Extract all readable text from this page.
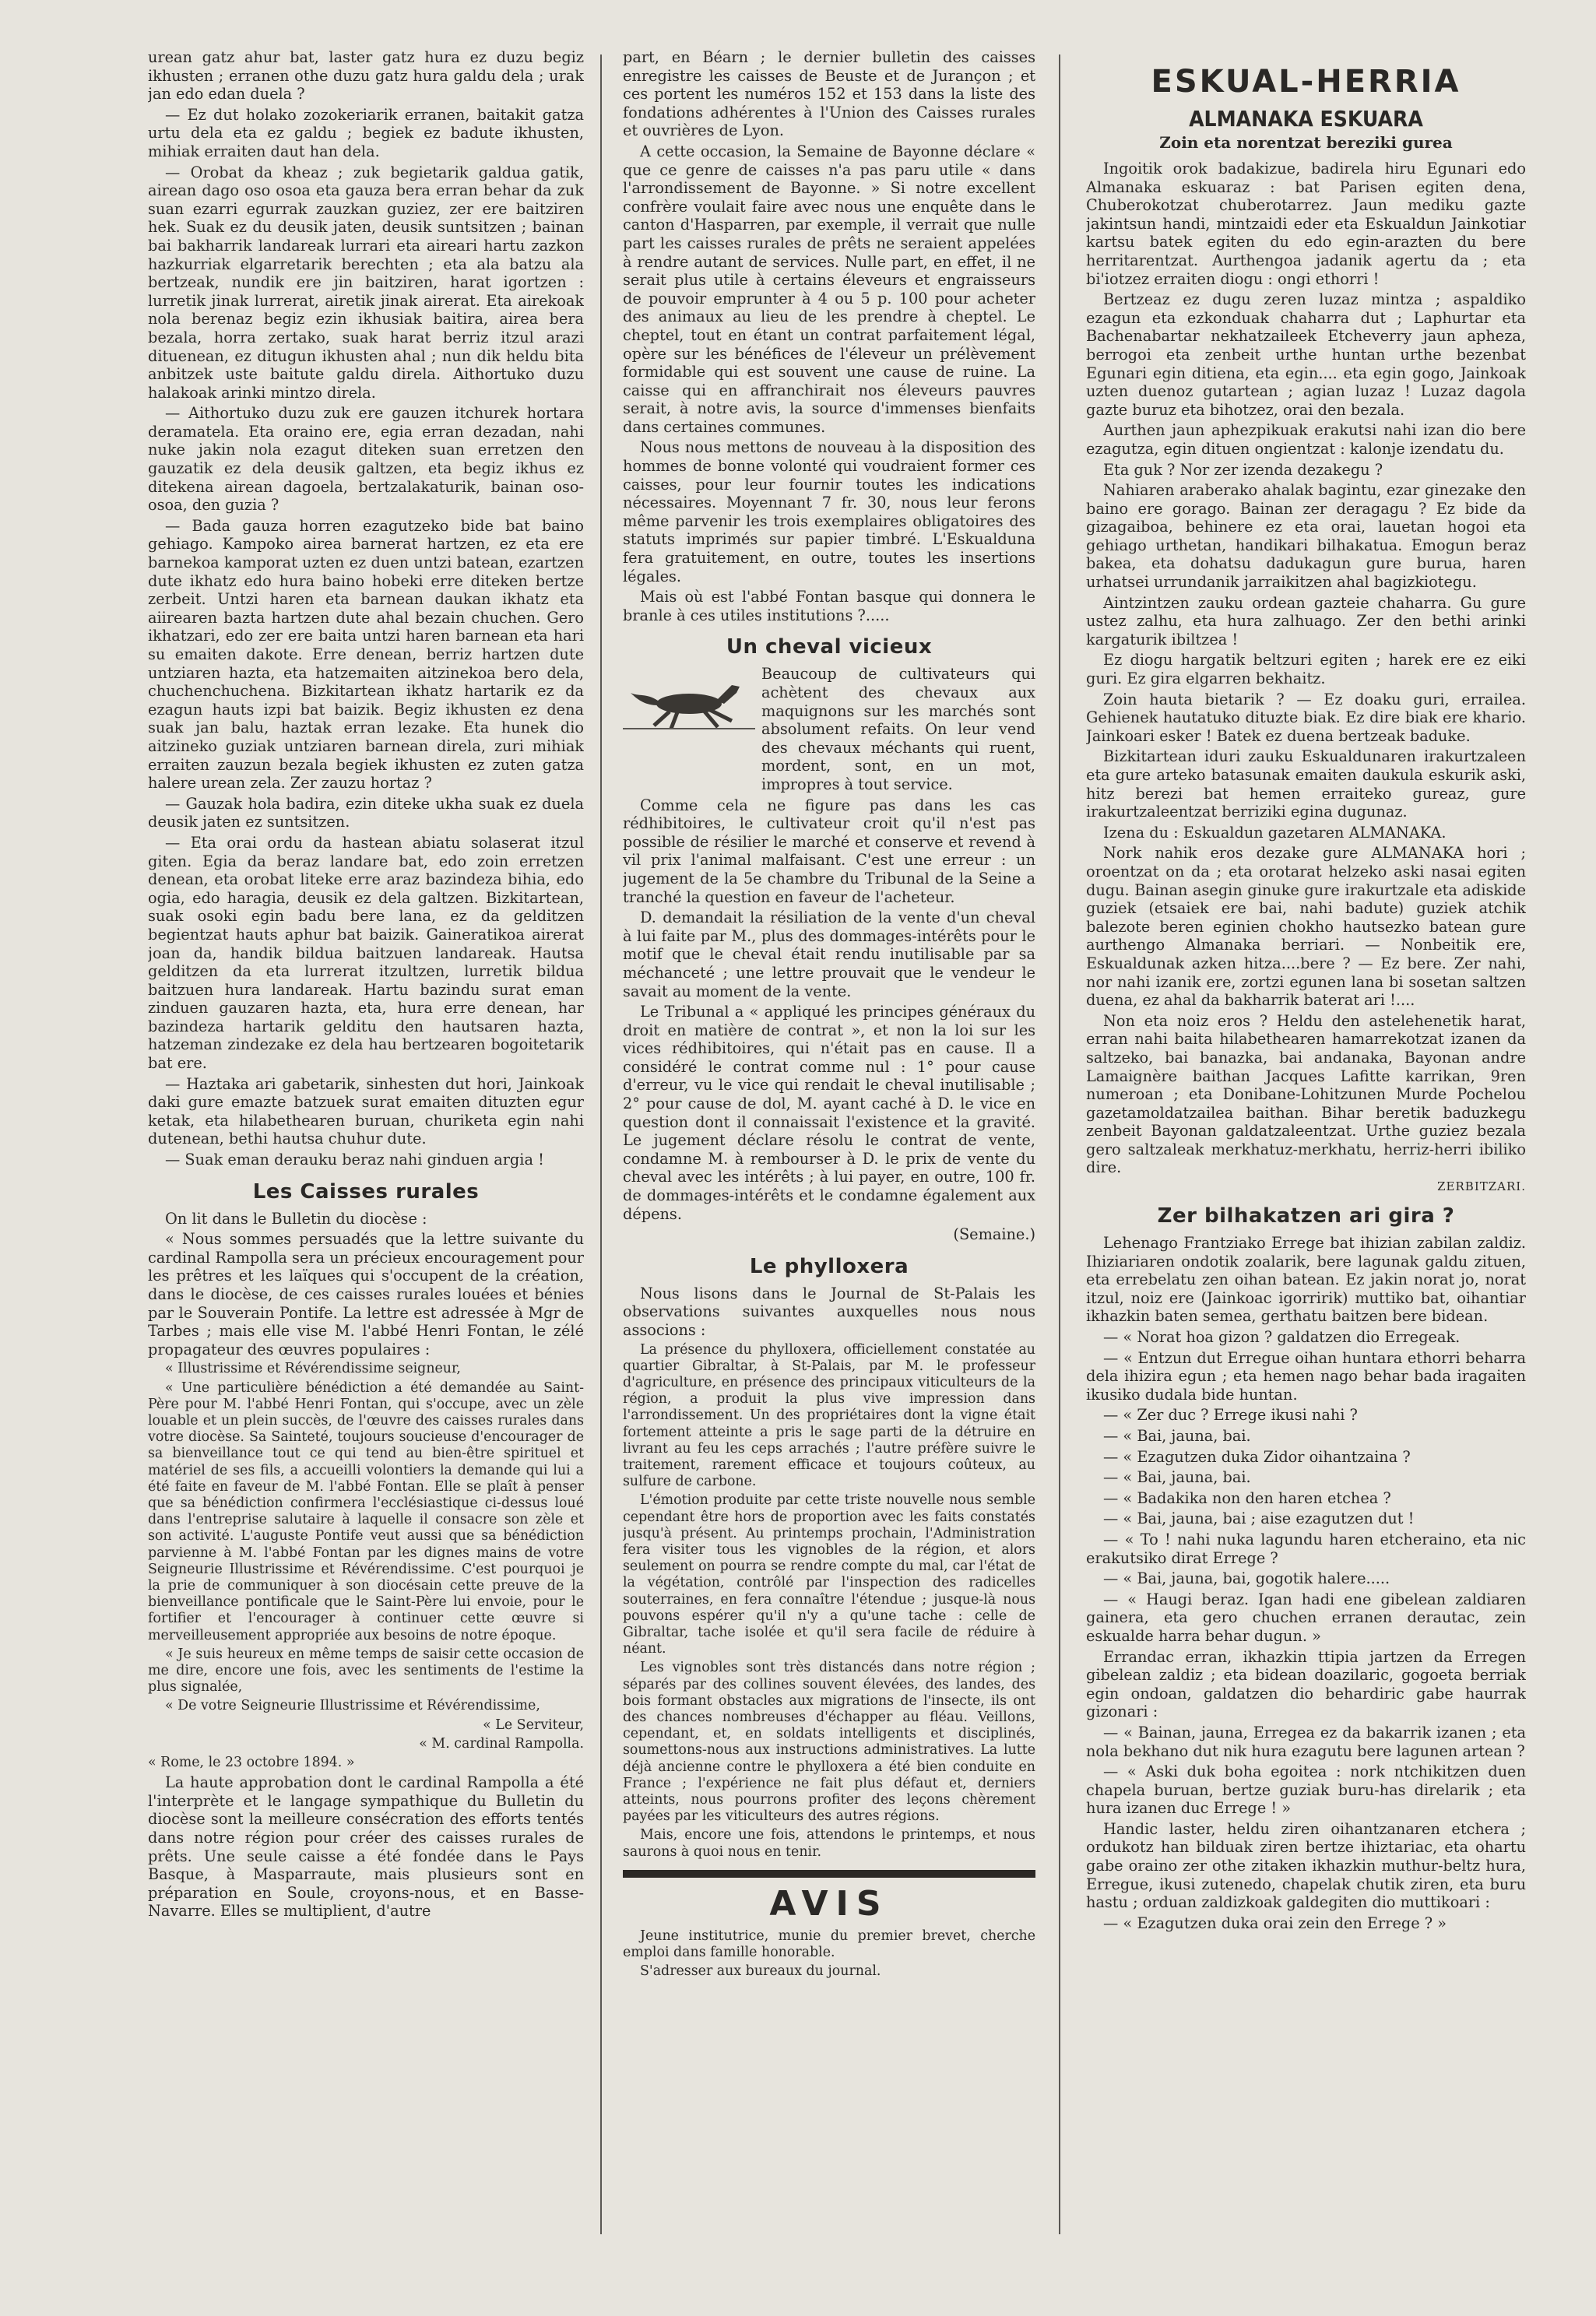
urean gatz ahur bat, laster gatz hura ez duzu begiz ikhusten ; erranen othe duzu gatz hura galdu dela ; urak jan edo edan duela ?

— Ez dut holako zozokeriarik erranen, baitakit gatza urtu dela eta ez galdu ; begiek ez badute ikhusten, mihiak erraiten daut han dela.

— Orobat da kheaz ; zuk begietarik galdua gatik, airean dago oso osoa eta gauza bera erran behar da zuk suan ezarri egurrak zauzkan guziez, zer ere baitziren hek. Suak ez du deusik jaten, deusik suntsitzen ; bainan bai bakharrik landareak lurrari eta aireari hartu zazkon hazkurriak elgarretarik berechten ; eta ala batzu ala bertzeak, nundik ere jin baitziren, harat igortzen : lurretik jinak lurrerat, airetik jinak airerat. Eta airekoak nola berenaz begiz ezin ikhusiak baitira, airea bera bezala, horra zertako, suak harat berriz itzul arazi dituenean, ez ditugun ikhusten ahal ; nun dik heldu bita anbitzek uste baitute galdu direla. Aithortuko duzu halakoak arinki mintzo direla.

— Aithortuko duzu zuk ere gauzen itchurek hortara deramatela. Eta oraino ere, egia erran dezadan, nahi nuke jakin nola ezagut diteken suan erretzen den gauzatik ez dela deusik galtzen, eta begiz ikhus ez ditekena airean dagoela, bertzalakaturik, bainan oso-osoa, den guzia ?

— Bada gauza horren ezagutzeko bide bat baino gehiago. Kampoko airea barnerat hartzen, ez eta ere barnekoa kamporat uzten ez duen untzi batean, ezartzen dute ikhatz edo hura baino hobeki erre diteken bertze zerbeit. Untzi haren eta barnean daukan ikhatz eta aiirearen bazta hartzen dute ahal bezain chuchen. Gero ikhatzari, edo zer ere baita untzi haren barnean eta hari su emaiten dakote. Erre denean, berriz hartzen dute untziaren hazta, eta hatzemaiten aitzinekoa bero dela, chuchenchuchena. Bizkitartean ikhatz hartarik ez da ezagun hauts izpi bat baizik. Begiz ikhusten ez dena suak jan balu, haztak erran lezake. Eta hunek dio aitzineko guziak untziaren barnean direla, zuri mihiak erraiten zauzun bezala begiek ikhusten ez zuten gatza halere urean zela. Zer zauzu hortaz ?

— Gauzak hola badira, ezin diteke ukha suak ez duela deusik jaten ez suntsitzen.

— Eta orai ordu da hastean abiatu solaserat itzul giten. Egia da beraz landare bat, edo zoin erretzen denean, eta orobat liteke erre araz bazindeza bihia, edo ogia, edo haragia, deusik ez dela galtzen. Bizkitartean, suak osoki egin badu bere lana, ez da gelditzen begientzat hauts aphur bat baizik. Gaineratikoa airerat joan da, handik bildua baitzuen landareak. Hautsa gelditzen da eta lurrerat itzultzen, lurretik bildua baitzuen hura landareak. Hartu bazindu surat eman zinduen gauzaren hazta, eta, hura erre denean, har bazindeza hartarik gelditu den hautsaren hazta, hatzeman zindezake ez dela hau bertzearen bogoitetarik bat ere.

— Haztaka ari gabetarik, sinhesten dut hori, Jainkoak daki gure emazte batzuek surat emaiten dituzten egur ketak, eta hilabethearen buruan, churiketa egin nahi dutenean, bethi hautsa chuhur dute.

— Suak eman derauku beraz nahi ginduen argia !

Les Caisses rurales

On lit dans le Bulletin du diocèse :

« Nous sommes persuadés que la lettre suivante du cardinal Rampolla sera un précieux encouragement pour les prêtres et les laïques qui s'occupent de la création, dans le diocèse, de ces caisses rurales louées et bénies par le Souverain Pontife. La lettre est adressée à Mgr de Tarbes ; mais elle vise M. l'abbé Henri Fontan, le zélé propagateur des œuvres populaires :

« Illustrissime et Révérendissime seigneur,

« Une particulière bénédiction a été demandée au Saint-Père pour M. l'abbé Henri Fontan, qui s'occupe, avec un zèle louable et un plein succès, de l'œuvre des caisses rurales dans votre diocèse. Sa Sainteté, toujours soucieuse d'encourager de sa bienveillance tout ce qui tend au bien-être spirituel et matériel de ses fils, a accueilli volontiers la demande qui lui a été faite en faveur de M. l'abbé Fontan. Elle se plaît à penser que sa bénédiction confirmera l'ecclésiastique ci-dessus loué dans l'entreprise salutaire à laquelle il consacre son zèle et son activité. L'auguste Pontife veut aussi que sa bénédiction parvienne à M. l'abbé Fontan par les dignes mains de votre Seigneurie Illustrissime et Révérendissime. C'est pourquoi je la prie de communiquer à son diocésain cette preuve de la bienveillance pontificale que le Saint-Père lui envoie, pour le fortifier et l'encourager à continuer cette œuvre si merveilleusement appropriée aux besoins de notre époque.

« Je suis heureux en même temps de saisir cette occasion de me dire, encore une fois, avec les sentiments de l'estime la plus signalée,

« De votre Seigneurie Illustrissime et Révérendissime,

« Le Serviteur,

« M. cardinal Rampolla.

« Rome, le 23 octobre 1894. »

La haute approbation dont le cardinal Rampolla a été l'interprète et le langage sympathique du Bulletin du diocèse sont la meilleure consécration des efforts tentés dans notre région pour créer des caisses rurales de prêts. Une seule caisse a été fondée dans le Pays Basque, à Masparraute, mais plusieurs sont en préparation en Soule, croyons-nous, et en Basse-Navarre. Elles se multiplient, d'autre

part, en Béarn ; le dernier bulletin des caisses enregistre les caisses de Beuste et de Jurançon ; et ces portent les numéros 152 et 153 dans la liste des fondations adhérentes à l'Union des Caisses rurales et ouvrières de Lyon.

A cette occasion, la Semaine de Bayonne déclare « que ce genre de caisses n'a pas paru utile « dans l'arrondissement de Bayonne. » Si notre excellent confrère voulait faire avec nous une enquête dans le canton d'Hasparren, par exemple, il verrait que nulle part les caisses rurales de prêts ne seraient appelées à rendre autant de services. Nulle part, en effet, il ne serait plus utile à certains éleveurs et engraisseurs de pouvoir emprunter à 4 ou 5 p. 100 pour acheter des animaux au lieu de les prendre à cheptel. Le cheptel, tout en étant un contrat parfaitement légal, opère sur les bénéfices de l'éleveur un prélèvement formidable qui est souvent une cause de ruine. La caisse qui en affranchirait nos éleveurs pauvres serait, à notre avis, la source d'immenses bienfaits dans certaines communes.

Nous nous mettons de nouveau à la disposition des hommes de bonne volonté qui voudraient former ces caisses, pour leur fournir toutes les indications nécessaires. Moyennant 7 fr. 30, nous leur ferons même parvenir les trois exemplaires obligatoires des statuts imprimés sur papier timbré. L'Eskualduna fera gratuitement, en outre, toutes les insertions légales.

Mais où est l'abbé Fontan basque qui donnera le branle à ces utiles institutions ?.....

Un cheval vicieux

Beaucoup de cultivateurs qui achètent des chevaux aux maquignons sur les marchés sont absolument refaits. On leur vend des chevaux méchants qui ruent, mordent, sont, en un mot, impropres à tout service.

Comme cela ne figure pas dans les cas rédhibitoires, le cultivateur croit qu'il n'est pas possible de résilier le marché et conserve et revend à vil prix l'animal malfaisant. C'est une erreur : un jugement de la 5e chambre du Tribunal de la Seine a tranché la question en faveur de l'acheteur.

D. demandait la résiliation de la vente d'un cheval à lui faite par M., plus des dommages-intérêts pour le motif que le cheval était rendu inutilisable par sa méchanceté ; une lettre prouvait que le vendeur le savait au moment de la vente.

Le Tribunal a « appliqué les principes généraux du droit en matière de contrat », et non la loi sur les vices rédhibitoires, qui n'était pas en cause. Il a considéré le contrat comme nul : 1° pour cause d'erreur, vu le vice qui rendait le cheval inutilisable ; 2° pour cause de dol, M. ayant caché à D. le vice en question dont il connaissait l'existence et la gravité. Le jugement déclare résolu le contrat de vente, condamne M. à rembourser à D. le prix de vente du cheval avec les intérêts ; à lui payer, en outre, 100 fr. de dommages-intérêts et le condamne également aux dépens.

(Semaine.)

Le phylloxera

Nous lisons dans le Journal de St-Palais les observations suivantes auxquelles nous nous associons :

La présence du phylloxera, officiellement constatée au quartier Gibraltar, à St-Palais, par M. le professeur d'agriculture, en présence des principaux viticulteurs de la région, a produit la plus vive impression dans l'arrondissement. Un des propriétaires dont la vigne était fortement atteinte a pris le sage parti de la détruire en livrant au feu les ceps arrachés ; l'autre préfère suivre le traitement, rarement efficace et toujours coûteux, au sulfure de carbone.

L'émotion produite par cette triste nouvelle nous semble cependant être hors de proportion avec les faits constatés jusqu'à présent. Au printemps prochain, l'Administration fera visiter tous les vignobles de la région, et alors seulement on pourra se rendre compte du mal, car l'état de la végétation, contrôlé par l'inspection des radicelles souterraines, en fera connaître l'étendue ; jusque-là nous pouvons espérer qu'il n'y a qu'une tache : celle de Gibraltar, tache isolée et qu'il sera facile de réduire à néant.

Les vignobles sont très distancés dans notre région ; séparés par des collines souvent élevées, des landes, des bois formant obstacles aux migrations de l'insecte, ils ont des chances nombreuses d'échapper au fléau. Veillons, cependant, et, en soldats intelligents et disciplinés, soumettons-nous aux instructions administratives. La lutte déjà ancienne contre le phylloxera a été bien conduite en France ; l'expérience ne fait plus défaut et, derniers atteints, nous pourrons profiter des leçons chèrement payées par les viticulteurs des autres régions.

Mais, encore une fois, attendons le printemps, et nous saurons à quoi nous en tenir.

AVIS

Jeune institutrice, munie du premier brevet, cherche emploi dans famille honorable.

S'adresser aux bureaux du journal.

ESKUAL-HERRIA
ALMANAKA ESKUARA
Zoin eta norentzat bereziki gurea

Ingoitik orok badakizue, badirela hiru Egunari edo Almanaka eskuaraz : bat Parisen egiten dena, Chuberokotzat chuberotarrez. Jaun mediku gazte jakintsun handi, mintzaidi eder eta Eskualdun Jainkotiar kartsu batek egiten du edo egin-arazten du bere herritarentzat. Aurthengoa jadanik agertu da ; eta bi'iotzez erraiten diogu : ongi ethorri !

Bertzeaz ez dugu zeren luzaz mintza ; aspaldiko ezagun eta ezkonduak chaharra dut ; Laphurtar eta Bachenabartar nekhatzaileek Etcheverry jaun apheza, berrogoi eta zenbeit urthe huntan urthe bezenbat Egunari egin ditiena, eta egin.... eta egin gogo, Jainkoak uzten duenoz gutartean ; agian luzaz ! Luzaz dagola gazte buruz eta bihotzez, orai den bezala.

Aurthen jaun aphezpikuak erakutsi nahi izan dio bere ezagutza, egin dituen ongientzat : kalonje izendatu du.

Eta guk ? Nor zer izenda dezakegu ?

Nahiaren araberako ahalak bagintu, ezar ginezake den baino ere gorago. Bainan zer deragagu ? Ez bide da gizagaiboa, behinere ez eta orai, lauetan hogoi eta gehiago urthetan, handikari bilhakatua. Emogun beraz bakea, eta dohatsu dadukagun gure burua, haren urhatsei urrundanik jarraikitzen ahal bagizkiotegu.

Aintzintzen zauku ordean gazteie chaharra. Gu gure ustez zalhu, eta hura zalhuago. Zer den bethi arinki kargaturik ibiltzea !

Ez diogu hargatik beltzuri egiten ; harek ere ez eiki guri. Ez gira elgarren bekhaitz.

Zoin hauta bietarik ? — Ez doaku guri, errailea. Gehienek hautatuko dituzte biak. Ez dire biak ere khario. Jainkoari esker ! Batek ez duena bertzeak baduke.

Bizkitartean iduri zauku Eskualdunaren irakurtzaleen eta gure arteko batasunak emaiten daukula eskurik aski, hitz berezi bat hemen erraiteko gureaz, gure irakurtzaleentzat berriziki egina dugunaz.

Izena du : Eskualdun gazetaren ALMANAKA.

Nork nahik eros dezake gure ALMANAKA hori ; oroentzat on da ; eta orotarat helzeko aski nasai egiten dugu. Bainan asegin ginuke gure irakurtzale eta adiskide guziek (etsaiek ere bai, nahi badute) guziek atchik balezote beren eginien chokho hautsezko batean gure aurthengo Almanaka berriari. — Nonbeitik ere, Eskualdunak azken hitza....bere ? — Ez bere. Zer nahi, nor nahi izanik ere, zortzi egunen lana bi sosetan saltzen duena, ez ahal da bakharrik baterat ari !....

Non eta noiz eros ? Heldu den astelehenetik harat, erran nahi baita hilabethearen hamarrekotzat izanen da saltzeko, bai banazka, bai andanaka, Bayonan andre Lamaignère baithan Jacques Lafitte karrikan, 9ren numeroan ; eta Donibane-Lohitzunen Murde Pochelou gazetamoldatzailea baithan. Bihar beretik baduzkegu zenbeit Bayonan galdatzaleentzat. Urthe guziez bezala gero saltzaleak merkhatuz-merkhatu, herriz-herri ibiliko dire.

ZERBITZARI.
Zer bilhakatzen ari gira ?

Lehenago Frantziako Errege bat ihizian zabilan zaldiz. Ihiziariaren ondotik zoalarik, bere lagunak galdu zituen, eta errebelatu zen oihan batean. Ez jakin norat jo, norat itzul, noiz ere (Jainkoac igorririk) muttiko bat, oihantiar ikhazkin baten semea, gerthatu baitzen bere bidean.

— « Norat hoa gizon ? galdatzen dio Erregeak.

— « Entzun dut Erregue oihan huntara ethorri beharra dela ihizira egun ; eta hemen nago behar bada iragaiten ikusiko dudala bide huntan.

— « Zer duc ? Errege ikusi nahi ?

— « Bai, jauna, bai.

— « Ezagutzen duka Zidor oihantzaina ?

— « Bai, jauna, bai.

— « Badakika non den haren etchea ?

— « Bai, jauna, bai ; aise ezagutzen dut !

— « To ! nahi nuka lagundu haren etcheraino, eta nic erakutsiko dirat Errege ?

— « Bai, jauna, bai, gogotik halere.....

— « Haugi beraz. Igan hadi ene gibelean zaldiaren gainera, eta gero chuchen erranen derautac, zein eskualde harra behar dugun. »

Errandac erran, ikhazkin ttipia jartzen da Erregen gibelean zaldiz ; eta bidean doazilaric, gogoeta berriak egin ondoan, galdatzen dio behardiric gabe haurrak gizonari :

— « Bainan, jauna, Erregea ez da bakarrik izanen ; eta nola bekhano dut nik hura ezagutu bere lagunen artean ?

— « Aski duk boha egoitea : nork ntchikitzen duen chapela buruan, bertze guziak buru-has direlarik ; eta hura izanen duc Errege ! »

Handic laster, heldu ziren oihantzanaren etchera ; ordukotz han bilduak ziren bertze ihiztariac, eta ohartu gabe oraino zer othe zitaken ikhazkin muthur-beltz hura, Erregue, ikusi zutenedo, chapelak chutik ziren, eta buru hastu ; orduan zaldizkoak galdegiten dio muttikoari :

— « Ezagutzen duka orai zein den Errege ? »
